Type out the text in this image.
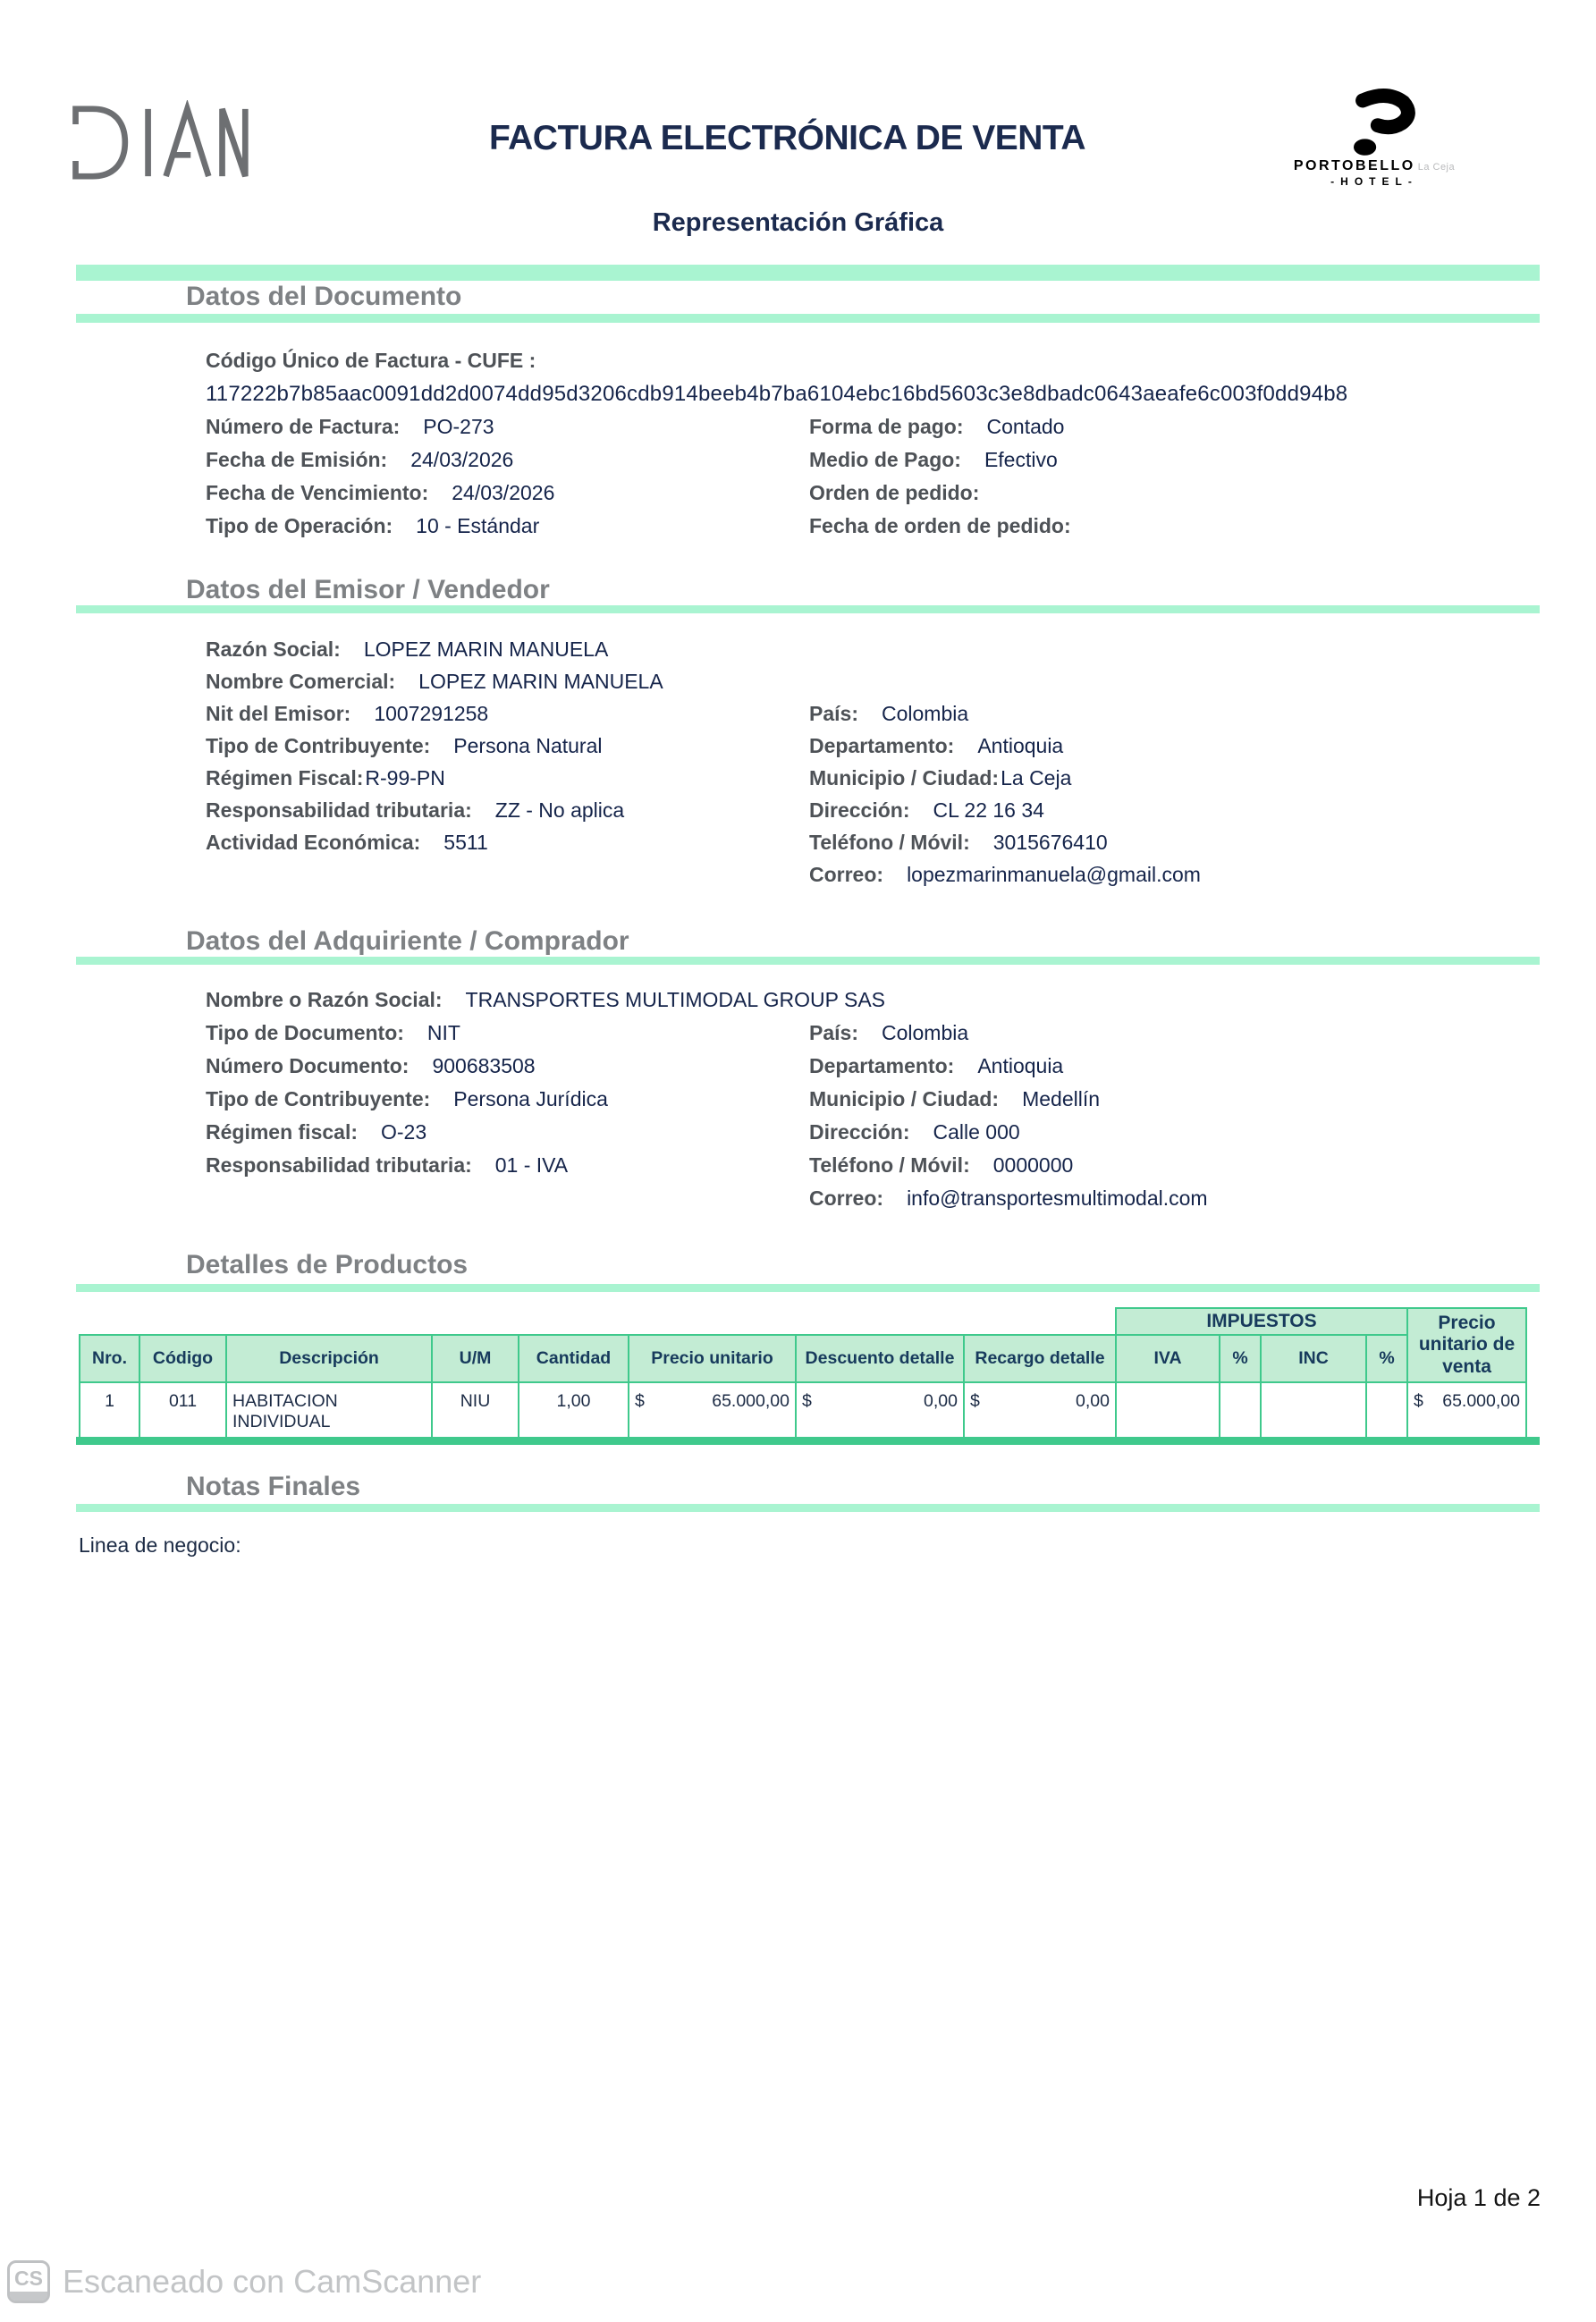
FACTURA ELECTRÓNICA DE VENTA
PORTOBELLO La Ceja
-HOTEL-
Representación Gráfica
Datos del Documento
Código Único de Factura - CUFE :
117222b7b85aac0091dd2d0074dd95d3206cdb914beeb4b7ba6104ebc16bd5603c3e8dbadc0643aeafe6c003f0dd94b8
Número de Factura: PO-273	Forma de pago: Contado
Fecha de Emisión: 24/03/2026	Medio de Pago: Efectivo
Fecha de Vencimiento: 24/03/2026	Orden de pedido:
Tipo de Operación: 10 - Estándar	Fecha de orden de pedido:
Datos del Emisor / Vendedor
Razón Social: LOPEZ MARIN MANUELA
Nombre Comercial: LOPEZ MARIN MANUELA
Nit del Emisor: 1007291258	País: Colombia
Tipo de Contribuyente: Persona Natural	Departamento: Antioquia
Régimen Fiscal:R-99-PN	Municipio / Ciudad:La Ceja
Responsabilidad tributaria: ZZ - No aplica	Dirección: CL 22 16 34
Actividad Económica: 5511	Teléfono / Móvil: 3015676410
Correo: lopezmarinmanuela@gmail.com
Datos del Adquiriente / Comprador
Nombre o Razón Social: TRANSPORTES MULTIMODAL GROUP SAS
Tipo de Documento: NIT	País: Colombia
Número Documento: 900683508	Departamento: Antioquia
Tipo de Contribuyente: Persona Jurídica	Municipio / Ciudad: Medellín
Régimen fiscal: O-23	Dirección: Calle 000
Responsabilidad tributaria: 01 - IVA	Teléfono / Móvil: 0000000
Correo: info@transportesmultimodal.com
Detalles de Productos
								IMPUESTOS				Precio unitario de venta
Nro.	Código	Descripción	U/M	Cantidad	Precio unitario	Descuento detalle	Recargo detalle	IVA	%	INC	%	
1	011	HABITACION INDIVIDUAL	NIU	1,00	$ 65.000,00	$ 0,00	$ 0,00					$ 65.000,00
Notas Finales
Linea de negocio:
Hoja 1 de 2
CS Escaneado con CamScanner
